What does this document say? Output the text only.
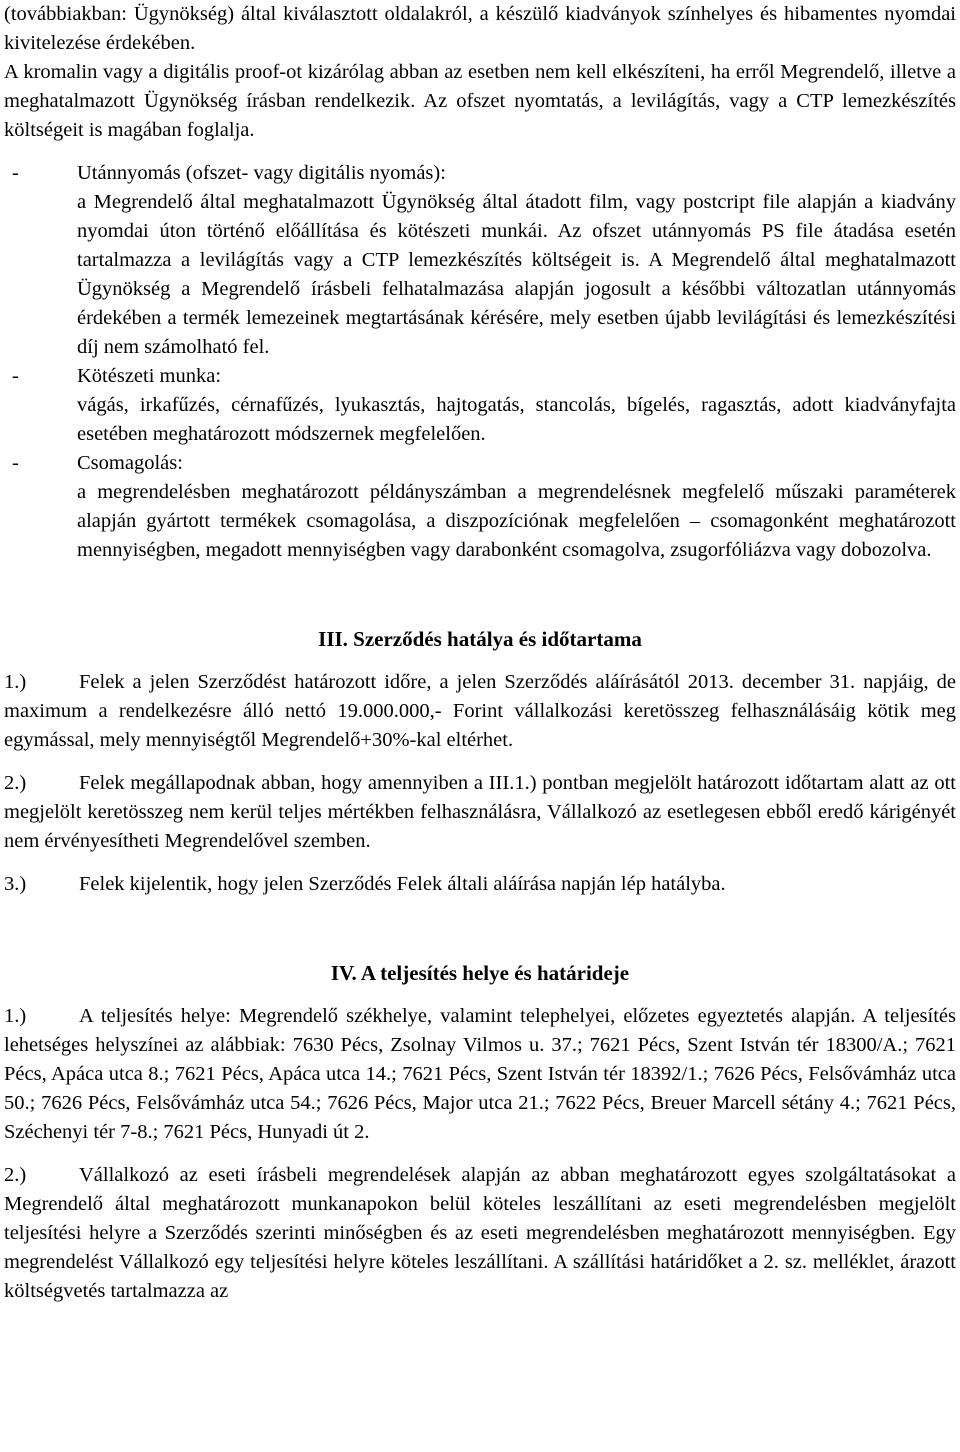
(továbbiakban: Ügynökség) által kiválasztott oldalakról, a készülő kiadványok színhelyes és hibamentes nyomdai kivitelezése érdekében.

A kromalin vagy a digitális proof-ot kizárólag abban az esetben nem kell elkészíteni, ha erről Megrendelő, illetve a meghatalmazott Ügynökség írásban rendelkezik. Az ofszet nyomtatás, a levilágítás, vagy a CTP lemezkészítés költségeit is magában foglalja.

-	Utánnyomás (ofszet- vagy digitális nyomás):
a Megrendelő által meghatalmazott Ügynökség által átadott film, vagy postcript file alapján a kiadvány nyomdai úton történő előállítása és kötészeti munkái. Az ofszet utánnyomás PS file átadása esetén tartalmazza a levilágítás vagy a CTP lemezkészítés költségeit is. A Megrendelő által meghatalmazott Ügynökség a Megrendelő írásbeli felhatalmazása alapján jogosult a későbbi változatlan utánnyomás érdekében a termék lemezeinek megtartásának kérésére, mely esetben újabb levilágítási és lemezkészítési díj nem számolható fel.
-	Kötészeti munka:
vágás, irkafűzés, cérnafűzés, lyukasztás, hajtogatás, stancolás, bígelés, ragasztás, adott kiadványfajta esetében meghatározott módszernek megfelelően.
-	Csomagolás:
a megrendelésben meghatározott példányszámban a megrendelésnek megfelelő műszaki paraméterek alapján gyártott termékek csomagolása, a diszpozíciónak megfelelően – csomagonként meghatározott mennyiségben, megadott mennyiségben vagy darabonként csomagolva, zsugorfóliázva vagy dobozolva.
III. Szerződés hatálya és időtartama

1.)	Felek a jelen Szerződést határozott időre, a jelen Szerződés aláírásától 2013. december 31. napjáig, de maximum a rendelkezésre álló nettó 19.000.000,- Forint vállalkozási keretösszeg felhasználásáig kötik meg egymással, mely mennyiségtől Megrendelő+30%-kal eltérhet.

2.)	Felek megállapodnak abban, hogy amennyiben a III.1.) pontban megjelölt határozott időtartam alatt az ott megjelölt keretösszeg nem kerül teljes mértékben felhasználásra, Vállalkozó az esetlegesen ebből eredő kárigényét nem érvényesítheti Megrendelővel szemben.

3.)	Felek kijelentik, hogy jelen Szerződés Felek általi aláírása napján lép hatályba.

IV. A teljesítés helye és határideje

1.)	A teljesítés helye: Megrendelő székhelye, valamint telephelyei, előzetes egyeztetés alapján. A teljesítés lehetséges helyszínei az alábbiak: 7630 Pécs, Zsolnay Vilmos u. 37.; 7621 Pécs, Szent István tér 18300/A.; 7621 Pécs, Apáca utca 8.; 7621 Pécs, Apáca utca 14.; 7621 Pécs, Szent István tér 18392/1.; 7626 Pécs, Felsővámház utca 50.; 7626 Pécs, Felsővámház utca 54.; 7626 Pécs, Major utca 21.; 7622 Pécs, Breuer Marcell sétány 4.; 7621 Pécs, Széchenyi tér 7-8.; 7621 Pécs, Hunyadi út 2.

2.)	Vállalkozó az eseti írásbeli megrendelések alapján az abban meghatározott egyes szolgáltatásokat a Megrendelő által meghatározott munkanapokon belül köteles leszállítani az eseti megrendelésben megjelölt teljesítési helyre a Szerződés szerinti minőségben és az eseti megrendelésben meghatározott mennyiségben. Egy megrendelést Vállalkozó egy teljesítési helyre köteles leszállítani. A szállítási határidőket a 2. sz. melléklet, árazott költségvetés tartalmazza az
